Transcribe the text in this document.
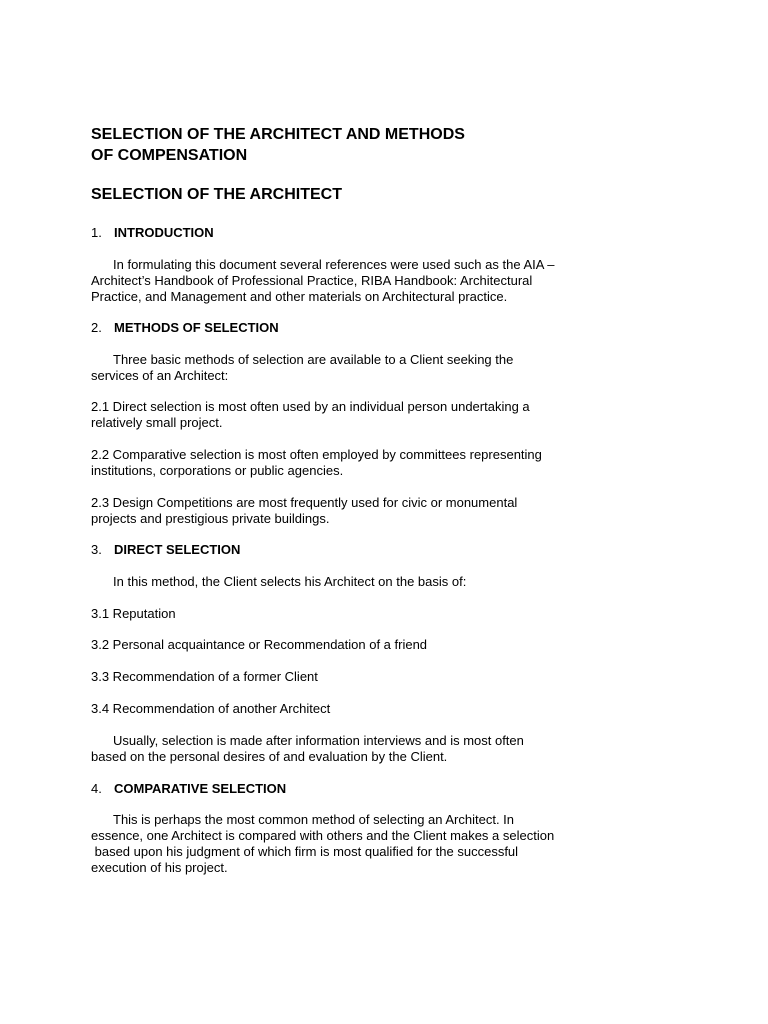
SELECTION OF THE ARCHITECT AND METHODS
OF COMPENSATION
SELECTION OF THE ARCHITECT
1. INTRODUCTION
In formulating this document several references were used such as the AIA –
Architect’s Handbook of Professional Practice, RIBA Handbook: Architectural
Practice, and Management and other materials on Architectural practice.
2. METHODS OF SELECTION
Three basic methods of selection are available to a Client seeking the
services of an Architect:
2.1 Direct selection is most often used by an individual person undertaking a
relatively small project.
2.2 Comparative selection is most often employed by committees representing
institutions, corporations or public agencies.
2.3 Design Competitions are most frequently used for civic or monumental
projects and prestigious private buildings.
3. DIRECT SELECTION
In this method, the Client selects his Architect on the basis of:
3.1 Reputation
3.2 Personal acquaintance or Recommendation of a friend
3.3 Recommendation of a former Client
3.4 Recommendation of another Architect
Usually, selection is made after information interviews and is most often
based on the personal desires of and evaluation by the Client.
4. COMPARATIVE SELECTION
This is perhaps the most common method of selecting an Architect. In
essence, one Architect is compared with others and the Client makes a selection
based upon his judgment of which firm is most qualified for the successful
execution of his project.
